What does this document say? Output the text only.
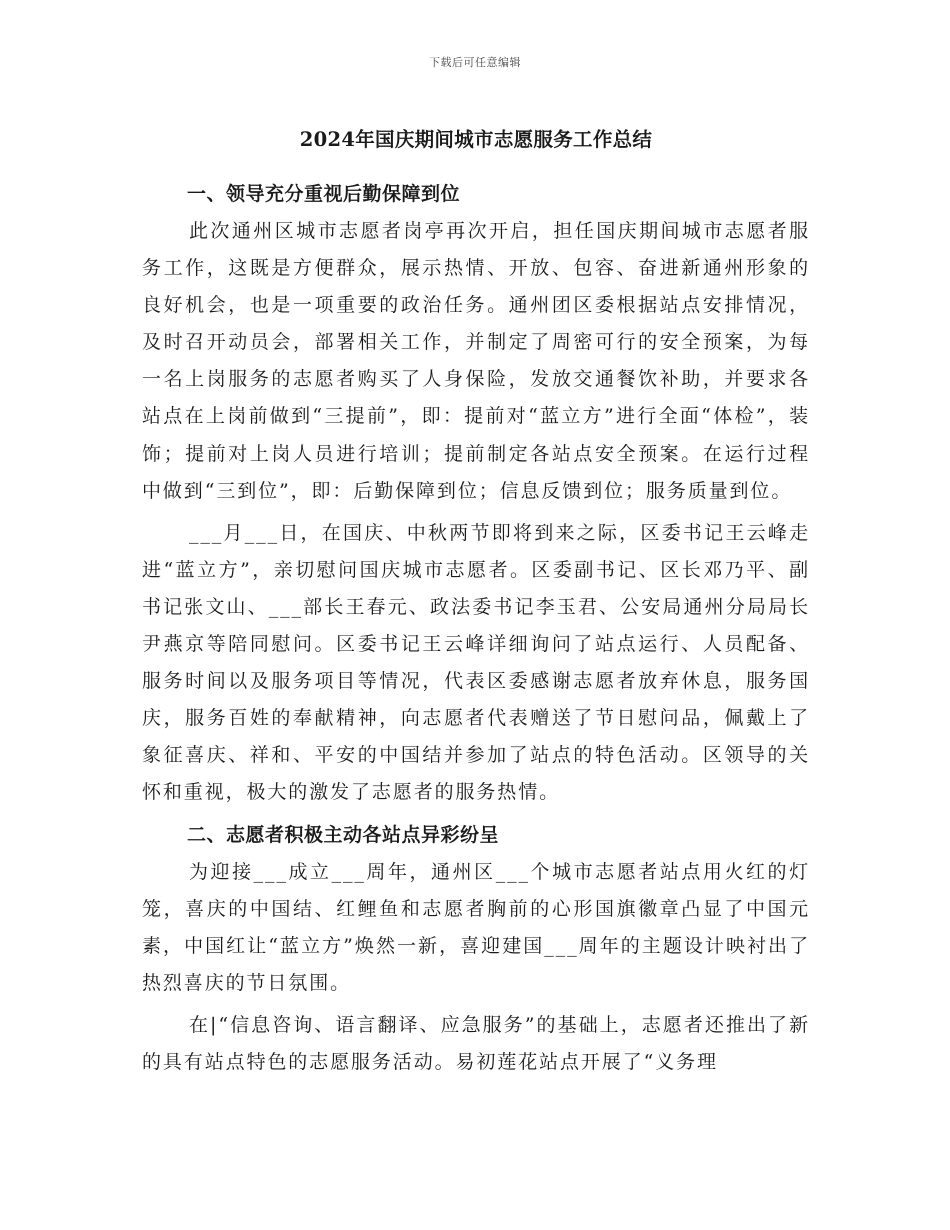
下载后可任意编辑
2024年国庆期间城市志愿服务工作总结
一、领导充分重视后勤保障到位

此次通州区城市志愿者岗亭再次开启，担任国庆期间城市志愿者服务工作，这既是方便群众，展示热情、开放、包容、奋进新通州形象的良好机会，也是一项重要的政治任务。通州团区委根据站点安排情况，及时召开动员会，部署相关工作，并制定了周密可行的安全预案，为每一名上岗服务的志愿者购买了人身保险，发放交通餐饮补助，并要求各站点在上岗前做到“三提前”，即：提前对“蓝立方”进行全面“体检”，装饰；提前对上岗人员进行培训；提前制定各站点安全预案。在运行过程中做到“三到位”，即：后勤保障到位；信息反馈到位；服务质量到位。

___月___日，在国庆、中秋两节即将到来之际，区委书记王云峰走进“蓝立方”，亲切慰问国庆城市志愿者。区委副书记、区长邓乃平、副书记张文山、___部长王春元、政法委书记李玉君、公安局通州分局局长尹燕京等陪同慰问。区委书记王云峰详细询问了站点运行、人员配备、服务时间以及服务项目等情况，代表区委感谢志愿者放弃休息，服务国庆，服务百姓的奉献精神，向志愿者代表赠送了节日慰问品，佩戴上了象征喜庆、祥和、平安的中国结并参加了站点的特色活动。区领导的关怀和重视，极大的激发了志愿者的服务热情。

二、志愿者积极主动各站点异彩纷呈

为迎接___成立___周年，通州区___个城市志愿者站点用火红的灯笼，喜庆的中国结、红鲤鱼和志愿者胸前的心形国旗徽章凸显了中国元素，中国红让“蓝立方”焕然一新，喜迎建国___周年的主题设计映衬出了热烈喜庆的节日氛围。

在|“信息咨询、语言翻译、应急服务”的基础上，志愿者还推出了新的具有站点特色的志愿服务活动。易初莲花站点开展了“义务理
